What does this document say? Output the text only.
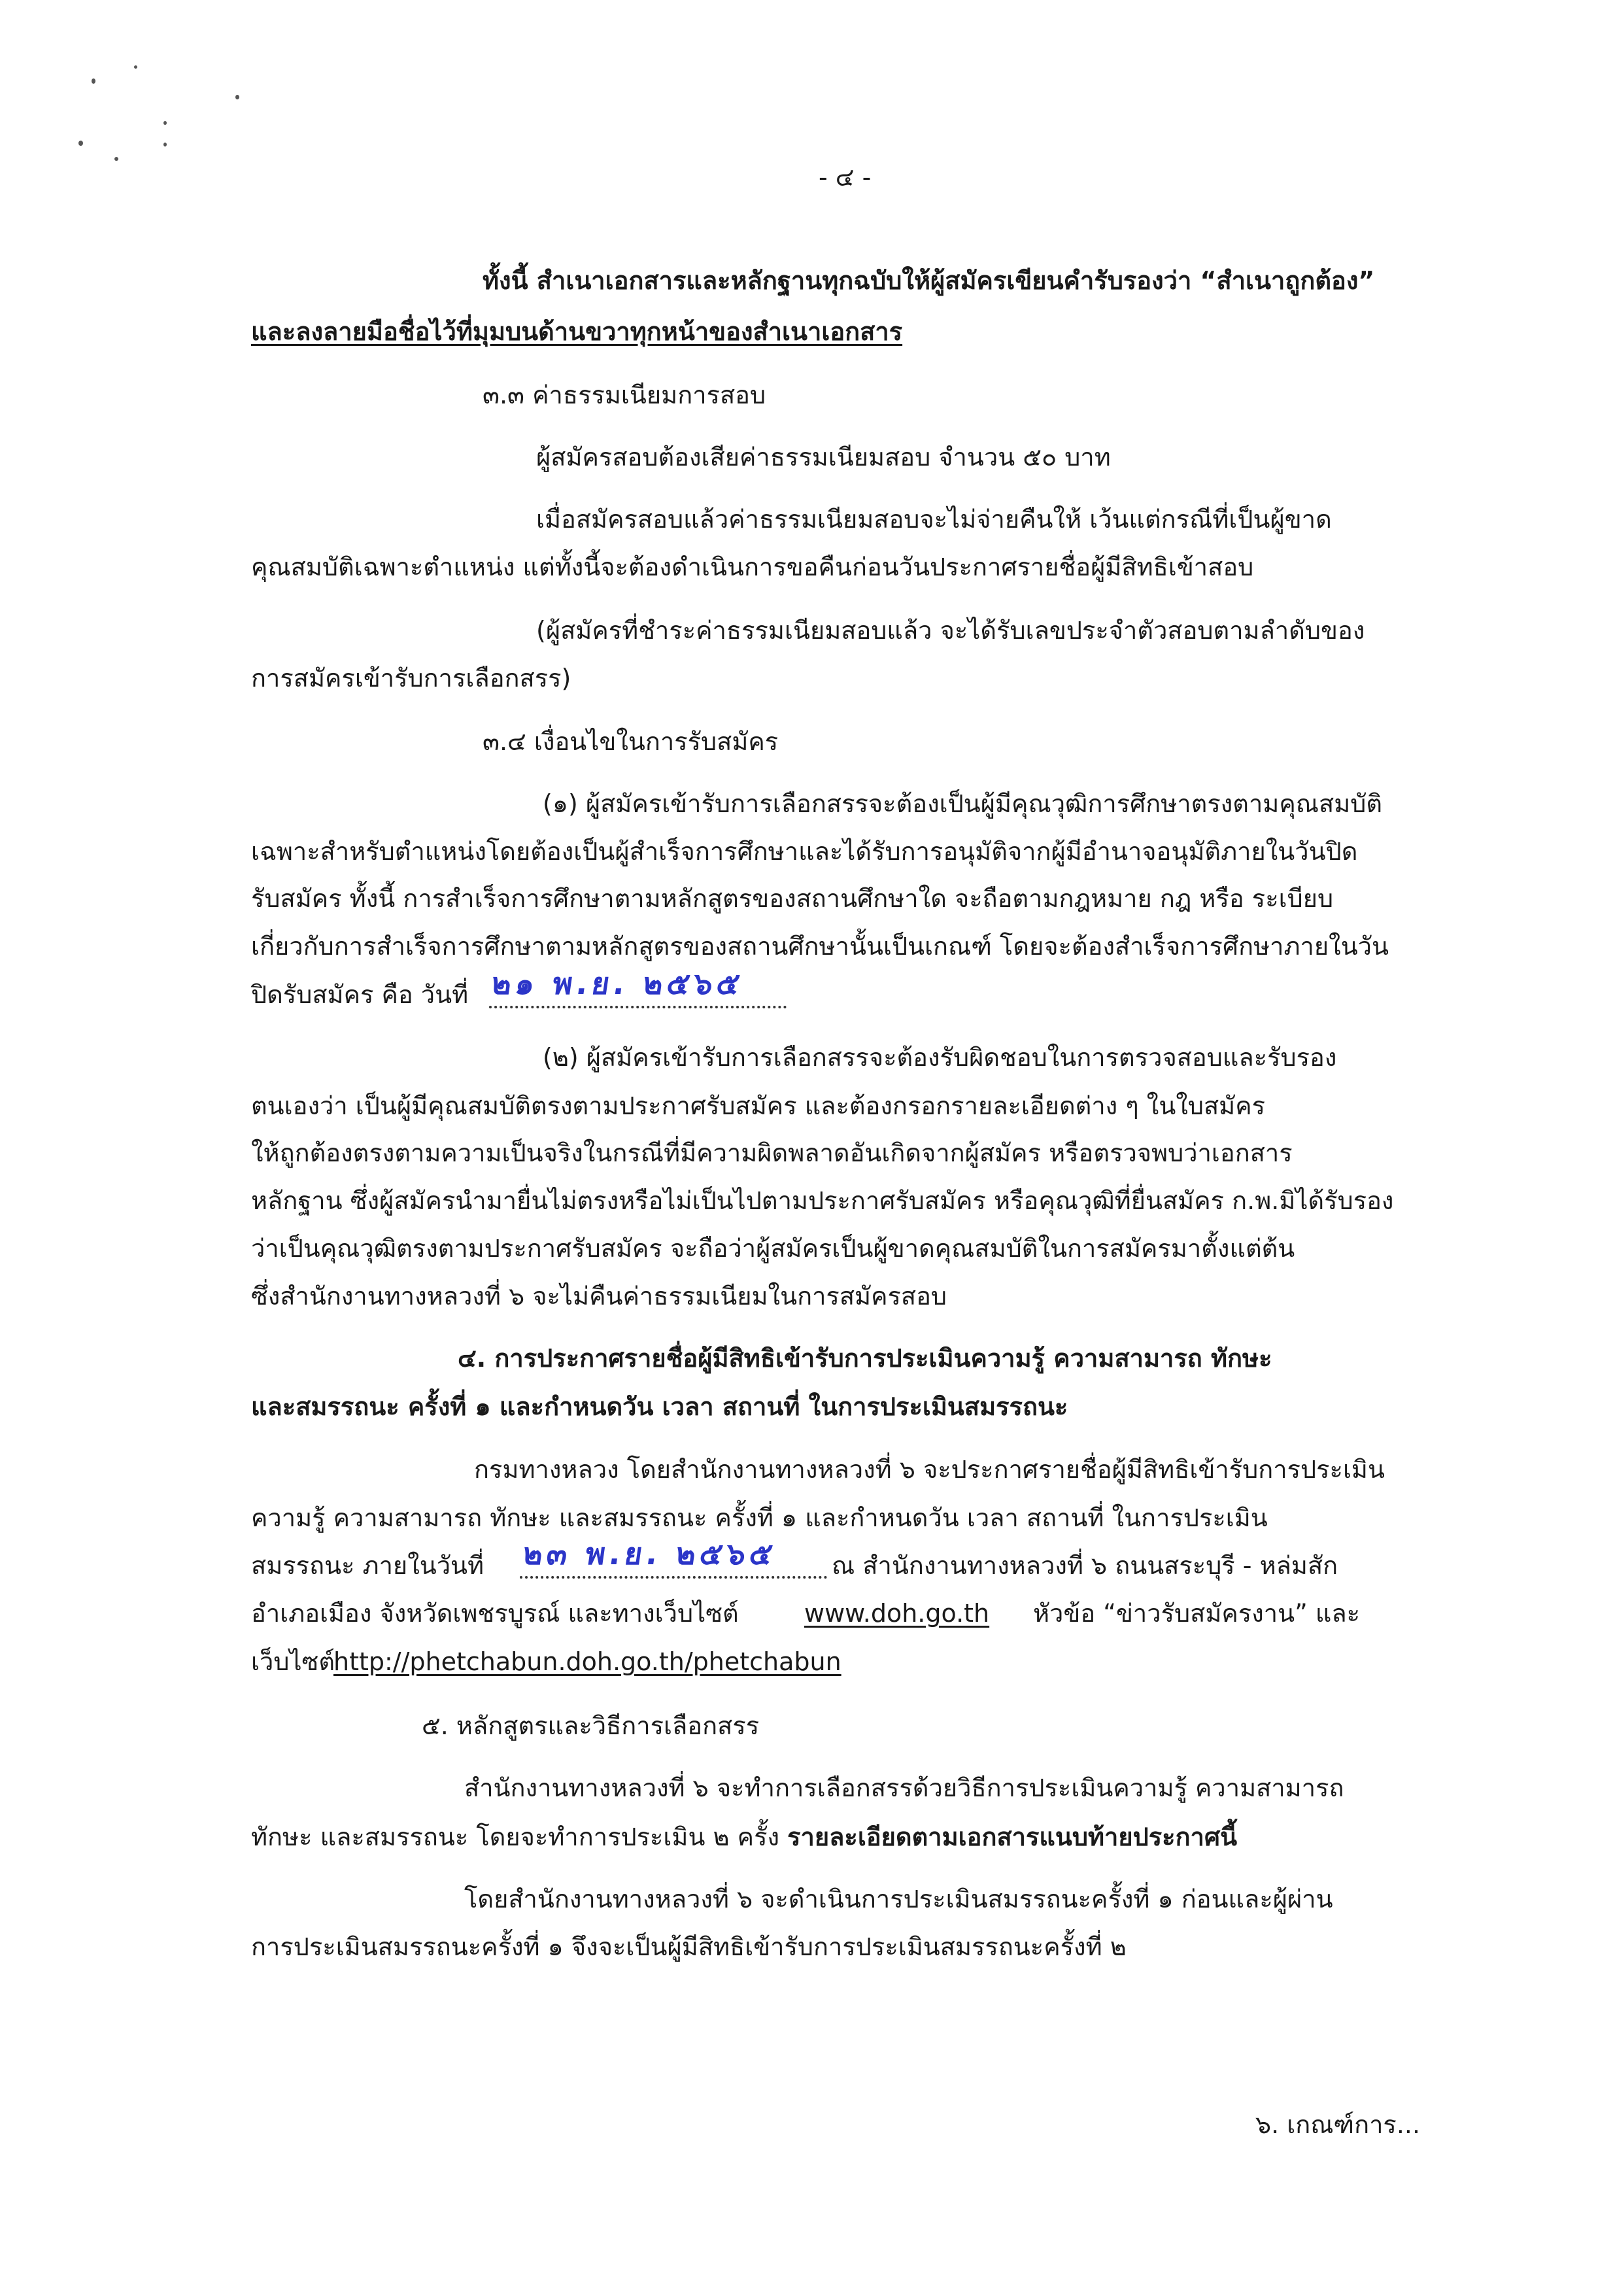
- ๔ -
ทั้งนี้ สำเนาเอกสารและหลักฐานทุกฉบับให้ผู้สมัครเขียนคำรับรองว่า “สำเนาถูกต้อง”
และลงลายมือชื่อไว้ที่มุมบนด้านขวาทุกหน้าของสำเนาเอกสาร
๓.๓ ค่าธรรมเนียมการสอบ
ผู้สมัครสอบต้องเสียค่าธรรมเนียมสอบ จำนวน ๕๐ บาท
เมื่อสมัครสอบแล้วค่าธรรมเนียมสอบจะไม่จ่ายคืนให้ เว้นแต่กรณีที่เป็นผู้ขาด
คุณสมบัติเฉพาะตำแหน่ง แต่ทั้งนี้จะต้องดำเนินการขอคืนก่อนวันประกาศรายชื่อผู้มีสิทธิเข้าสอบ
(ผู้สมัครที่ชำระค่าธรรมเนียมสอบแล้ว จะได้รับเลขประจำตัวสอบตามลำดับของ
การสมัครเข้ารับการเลือกสรร)
๓.๔ เงื่อนไขในการรับสมัคร
(๑) ผู้สมัครเข้ารับการเลือกสรรจะต้องเป็นผู้มีคุณวุฒิการศึกษาตรงตามคุณสมบัติ
เฉพาะสำหรับตำแหน่งโดยต้องเป็นผู้สำเร็จการศึกษาและได้รับการอนุมัติจากผู้มีอำนาจอนุมัติภายในวันปิด
รับสมัคร ทั้งนี้ การสำเร็จการศึกษาตามหลักสูตรของสถานศึกษาใด จะถือตามกฎหมาย กฎ หรือ ระเบียบ
เกี่ยวกับการสำเร็จการศึกษาตามหลักสูตรของสถานศึกษานั้นเป็นเกณฑ์ โดยจะต้องสำเร็จการศึกษาภายในวัน
ปิดรับสมัคร คือ วันที่ ๒๑ พ.ย. ๒๕๖๕
(๒) ผู้สมัครเข้ารับการเลือกสรรจะต้องรับผิดชอบในการตรวจสอบและรับรอง
ตนเองว่า เป็นผู้มีคุณสมบัติตรงตามประกาศรับสมัคร และต้องกรอกรายละเอียดต่าง ๆ ในใบสมัคร
ให้ถูกต้องตรงตามความเป็นจริงในกรณีที่มีความผิดพลาดอันเกิดจากผู้สมัคร หรือตรวจพบว่าเอกสาร
หลักฐาน ซึ่งผู้สมัครนำมายื่นไม่ตรงหรือไม่เป็นไปตามประกาศรับสมัคร หรือคุณวุฒิที่ยื่นสมัคร ก.พ.มิได้รับรอง
ว่าเป็นคุณวุฒิตรงตามประกาศรับสมัคร จะถือว่าผู้สมัครเป็นผู้ขาดคุณสมบัติในการสมัครมาตั้งแต่ต้น
ซึ่งสำนักงานทางหลวงที่ ๖ จะไม่คืนค่าธรรมเนียมในการสมัครสอบ
๔. การประกาศรายชื่อผู้มีสิทธิเข้ารับการประเมินความรู้ ความสามารถ ทักษะ
และสมรรถนะ ครั้งที่ ๑ และกำหนดวัน เวลา สถานที่ ในการประเมินสมรรถนะ
กรมทางหลวง โดยสำนักงานทางหลวงที่ ๖ จะประกาศรายชื่อผู้มีสิทธิเข้ารับการประเมิน
ความรู้ ความสามารถ ทักษะ และสมรรถนะ ครั้งที่ ๑ และกำหนดวัน เวลา สถานที่ ในการประเมิน
สมรรถนะ ภายในวันที่ ๒๓ พ.ย. ๒๕๖๕ ณ สำนักงานทางหลวงที่ ๖ ถนนสระบุรี - หล่มสัก
อำเภอเมือง จังหวัดเพชรบูรณ์ และทางเว็บไซต์	www.doh.go.th หัวข้อ “ข่าวรับสมัครงาน” และ
เว็บไซต์
http://phetchabun.doh.go.th/phetchabun
๕. หลักสูตรและวิธีการเลือกสรร
สำนักงานทางหลวงที่ ๖ จะทำการเลือกสรรด้วยวิธีการประเมินความรู้ ความสามารถ
ทักษะ และสมรรถนะ โดยจะทำการประเมิน ๒ ครั้ง รายละเอียดตามเอกสารแนบท้ายประกาศนี้
โดยสำนักงานทางหลวงที่ ๖ จะดำเนินการประเมินสมรรถนะครั้งที่ ๑ ก่อนและผู้ผ่าน
การประเมินสมรรถนะครั้งที่ ๑ จึงจะเป็นผู้มีสิทธิเข้ารับการประเมินสมรรถนะครั้งที่ ๒
๖. เกณฑ์การ...
